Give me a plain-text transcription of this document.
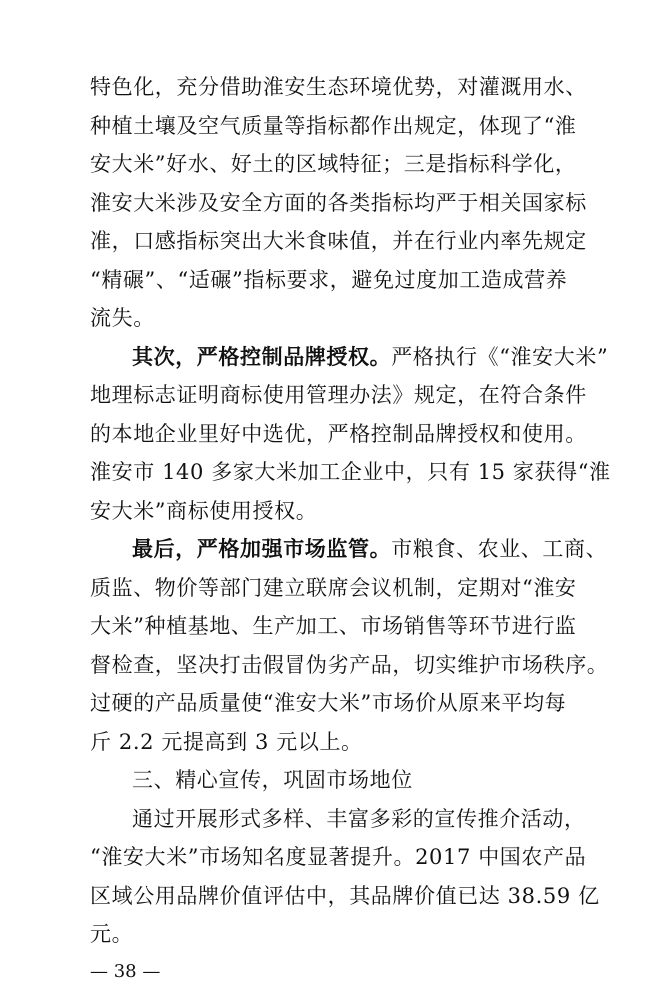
特色化，充分借助淮安生态环境优势，对灌溉用水、
种植土壤及空气质量等指标都作出规定，体现了“淮
安大米”好水、好土的区域特征；三是指标科学化，
淮安大米涉及安全方面的各类指标均严于相关国家标
准，口感指标突出大米食味值，并在行业内率先规定
“精碾”、“适碾”指标要求，避免过度加工造成营养
流失。
其次，严格控制品牌授权。严格执行《“淮安大米”
地理标志证明商标使用管理办法》规定，在符合条件
的本地企业里好中选优，严格控制品牌授权和使用。
淮安市 140 多家大米加工企业中，只有 15 家获得“淮
安大米”商标使用授权。
最后，严格加强市场监管。市粮食、农业、工商、
质监、物价等部门建立联席会议机制，定期对“淮安
大米”种植基地、生产加工、市场销售等环节进行监
督检查，坚决打击假冒伪劣产品，切实维护市场秩序。
过硬的产品质量使“淮安大米”市场价从原来平均每
斤 2.2 元提高到 3 元以上。
三、精心宣传，巩固市场地位
通过开展形式多样、丰富多彩的宣传推介活动，
“淮安大米”市场知名度显著提升。2017 中国农产品
区域公用品牌价值评估中，其品牌价值已达 38.59 亿
元。
— 38 —
